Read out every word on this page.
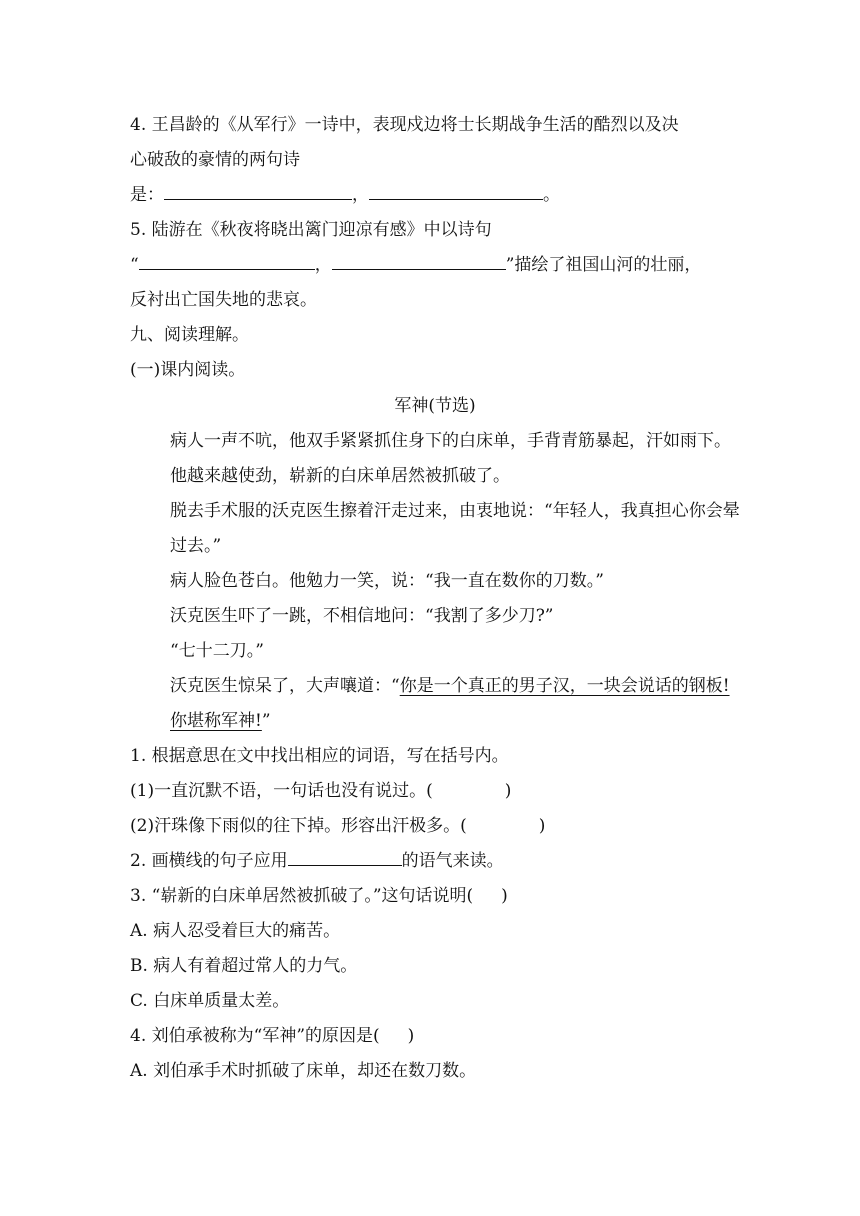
4. 王昌龄的《从军行》一诗中，表现戍边将士长期战争生活的酷烈以及决
心破敌的豪情的两句诗
是：	，	。
5. 陆游在《秋夜将晓出篱门迎凉有感》中以诗句
“	，	”描绘了祖国山河的壮丽，
反衬出亡国失地的悲哀。
九、阅读理解。
(一)课内阅读。
军神(节选)
病人一声不吭，他双手紧紧抓住身下的白床单，手背青筋暴起，汗如雨下。他越来越使劲，崭新的白床单居然被抓破了。
脱去手术服的沃克医生擦着汗走过来，由衷地说：“年轻人，我真担心你会晕过去。”
病人脸色苍白。他勉力一笑，说：“我一直在数你的刀数。”
沃克医生吓了一跳，不相信地问：“我割了多少刀?”
“七十二刀。”
沃克医生惊呆了，大声嚷道：“你是一个真正的男子汉，一块会说话的钢板!你堪称军神!”
1. 根据意思在文中找出相应的词语，写在括号内。
(1)一直沉默不语，一句话也没有说过。(	)
(2)汗珠像下雨似的往下掉。形容出汗极多。(	)
2. 画横线的句子应用	的语气来读。
3. “崭新的白床单居然被抓破了。”这句话说明( )
A. 病人忍受着巨大的痛苦。
B. 病人有着超过常人的力气。
C. 白床单质量太差。
4. 刘伯承被称为“军神”的原因是( )
A. 刘伯承手术时抓破了床单，却还在数刀数。
